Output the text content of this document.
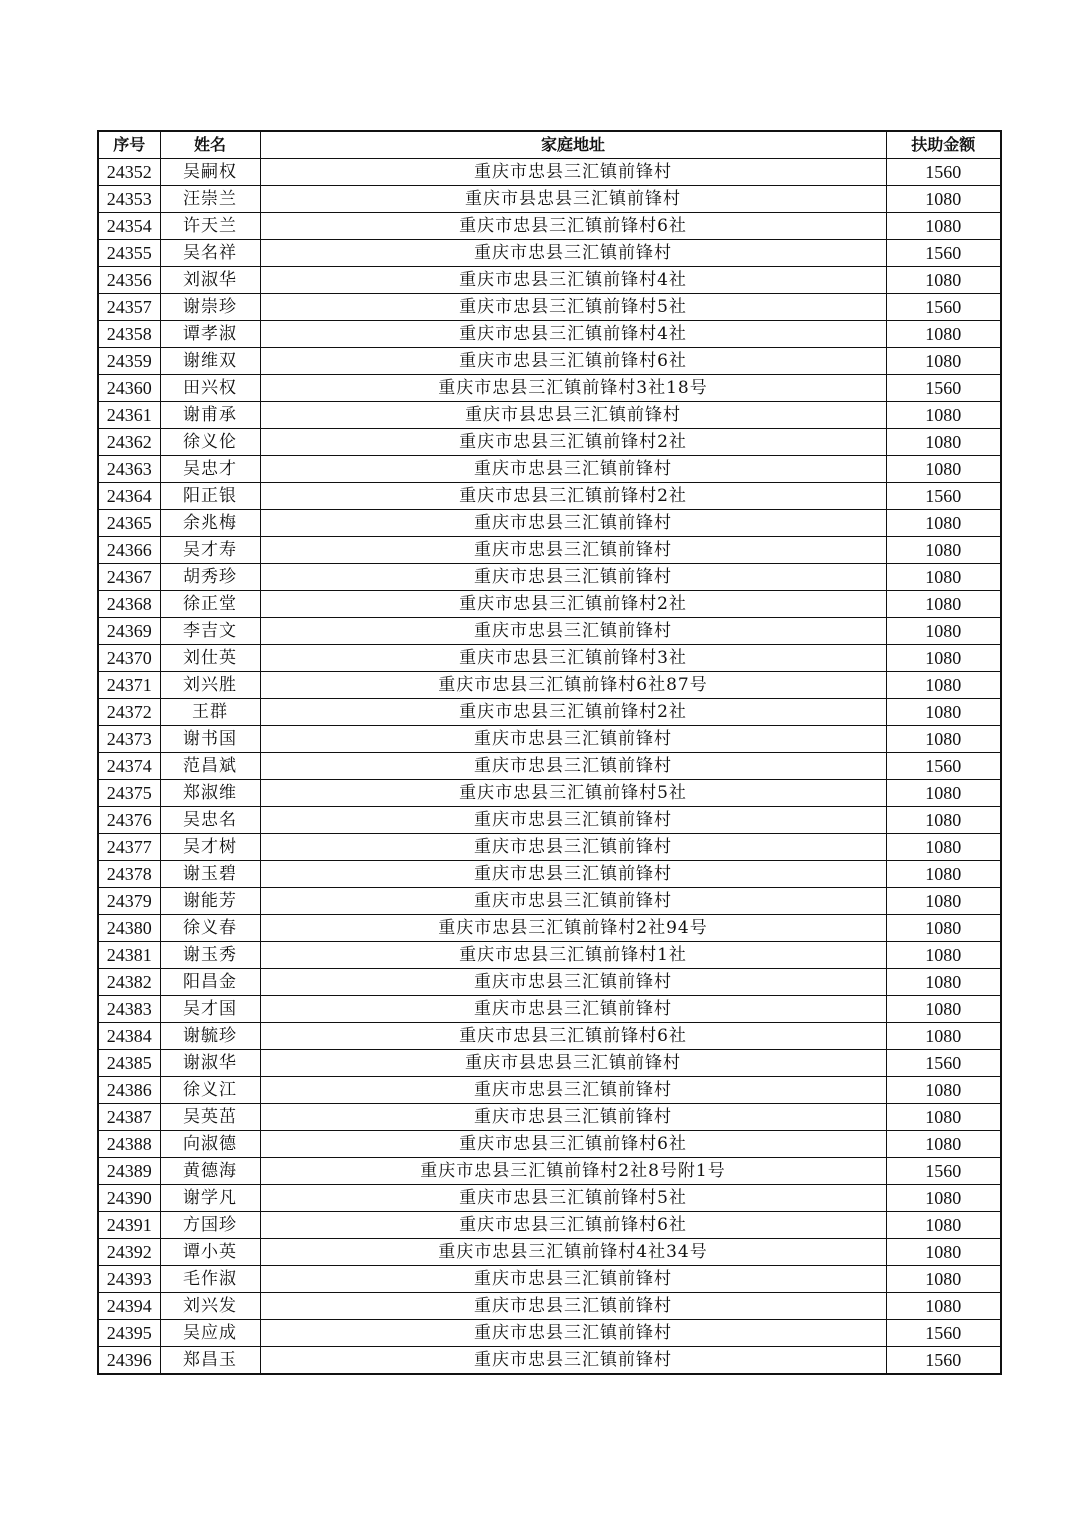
序号	姓名	家庭地址	扶助金额
24352	吴嗣权	重庆市忠县三汇镇前锋村	1560
24353	汪崇兰	重庆市县忠县三汇镇前锋村	1080
24354	许天兰	重庆市忠县三汇镇前锋村6社	1080
24355	吴名祥	重庆市忠县三汇镇前锋村	1560
24356	刘淑华	重庆市忠县三汇镇前锋村4社	1080
24357	谢崇珍	重庆市忠县三汇镇前锋村5社	1560
24358	谭孝淑	重庆市忠县三汇镇前锋村4社	1080
24359	谢维双	重庆市忠县三汇镇前锋村6社	1080
24360	田兴权	重庆市忠县三汇镇前锋村3社18号	1560
24361	谢甫承	重庆市县忠县三汇镇前锋村	1080
24362	徐义伦	重庆市忠县三汇镇前锋村2社	1080
24363	吴忠才	重庆市忠县三汇镇前锋村	1080
24364	阳正银	重庆市忠县三汇镇前锋村2社	1560
24365	余兆梅	重庆市忠县三汇镇前锋村	1080
24366	吴才寿	重庆市忠县三汇镇前锋村	1080
24367	胡秀珍	重庆市忠县三汇镇前锋村	1080
24368	徐正堂	重庆市忠县三汇镇前锋村2社	1080
24369	李吉文	重庆市忠县三汇镇前锋村	1080
24370	刘仕英	重庆市忠县三汇镇前锋村3社	1080
24371	刘兴胜	重庆市忠县三汇镇前锋村6社87号	1080
24372	王群	重庆市忠县三汇镇前锋村2社	1080
24373	谢书国	重庆市忠县三汇镇前锋村	1080
24374	范昌斌	重庆市忠县三汇镇前锋村	1560
24375	郑淑维	重庆市忠县三汇镇前锋村5社	1080
24376	吴忠名	重庆市忠县三汇镇前锋村	1080
24377	吴才树	重庆市忠县三汇镇前锋村	1080
24378	谢玉碧	重庆市忠县三汇镇前锋村	1080
24379	谢能芳	重庆市忠县三汇镇前锋村	1080
24380	徐义春	重庆市忠县三汇镇前锋村2社94号	1080
24381	谢玉秀	重庆市忠县三汇镇前锋村1社	1080
24382	阳昌金	重庆市忠县三汇镇前锋村	1080
24383	吴才国	重庆市忠县三汇镇前锋村	1080
24384	谢毓珍	重庆市忠县三汇镇前锋村6社	1080
24385	谢淑华	重庆市县忠县三汇镇前锋村	1560
24386	徐义江	重庆市忠县三汇镇前锋村	1080
24387	吴英茁	重庆市忠县三汇镇前锋村	1080
24388	向淑德	重庆市忠县三汇镇前锋村6社	1080
24389	黄德海	重庆市忠县三汇镇前锋村2社8号附1号	1560
24390	谢学凡	重庆市忠县三汇镇前锋村5社	1080
24391	方国珍	重庆市忠县三汇镇前锋村6社	1080
24392	谭小英	重庆市忠县三汇镇前锋村4社34号	1080
24393	毛作淑	重庆市忠县三汇镇前锋村	1080
24394	刘兴发	重庆市忠县三汇镇前锋村	1080
24395	吴应成	重庆市忠县三汇镇前锋村	1560
24396	郑昌玉	重庆市忠县三汇镇前锋村	1560
